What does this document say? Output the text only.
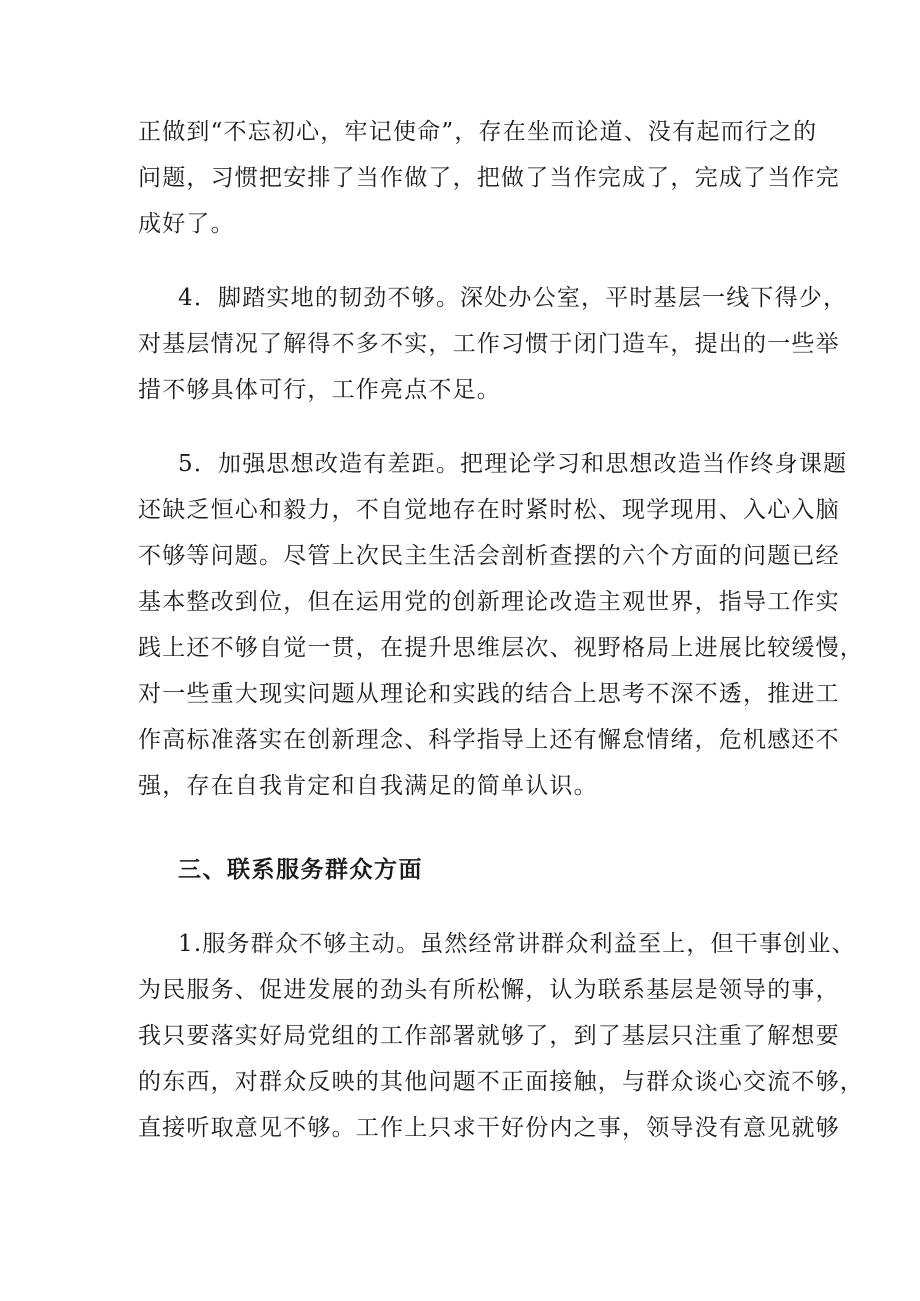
正做到“不忘初心，牢记使命”，存在坐而论道、没有起而行之的
问题，习惯把安排了当作做了，把做了当作完成了，完成了当作完
成好了。
4．脚踏实地的韧劲不够。深处办公室，平时基层一线下得少，
对基层情况了解得不多不实，工作习惯于闭门造车，提出的一些举
措不够具体可行，工作亮点不足。
5．加强思想改造有差距。把理论学习和思想改造当作终身课题
还缺乏恒心和毅力，不自觉地存在时紧时松、现学现用、入心入脑
不够等问题。尽管上次民主生活会剖析查摆的六个方面的问题已经
基本整改到位，但在运用党的创新理论改造主观世界，指导工作实
践上还不够自觉一贯，在提升思维层次、视野格局上进展比较缓慢，
对一些重大现实问题从理论和实践的结合上思考不深不透，推进工
作高标准落实在创新理念、科学指导上还有懈怠情绪，危机感还不
强，存在自我肯定和自我满足的简单认识。
三、联系服务群众方面
1.服务群众不够主动。虽然经常讲群众利益至上，但干事创业、
为民服务、促进发展的劲头有所松懈，认为联系基层是领导的事，
我只要落实好局党组的工作部署就够了，到了基层只注重了解想要
的东西，对群众反映的其他问题不正面接触，与群众谈心交流不够，
直接听取意见不够。工作上只求干好份内之事，领导没有意见就够
